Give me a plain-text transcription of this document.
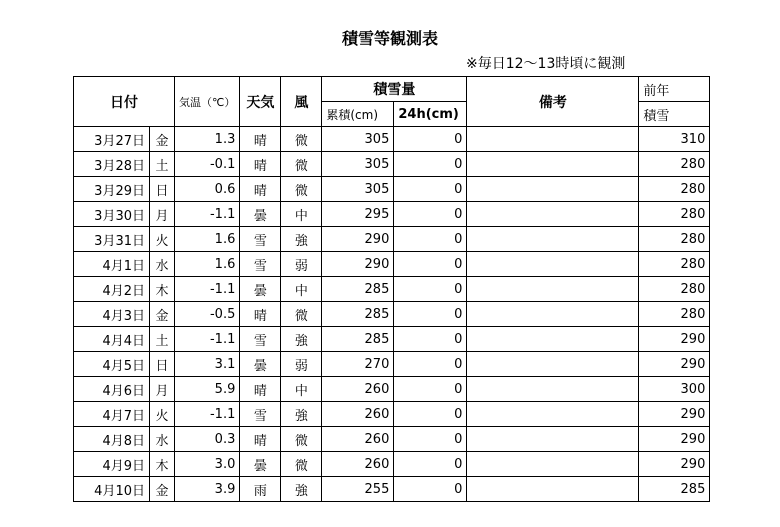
積雪等観測表
※毎日12～13時頃に観測
日付		気温（℃）	天気	風	積雪量		備考	前年
					累積(cm)	24h(cm)		積雪
3月27日	金	1.3	晴	微	305	0		310
3月28日	土	-0.1	晴	微	305	0		280
3月29日	日	0.6	晴	微	305	0		280
3月30日	月	-1.1	曇	中	295	0		280
3月31日	火	1.6	雪	強	290	0		280
4月1日	水	1.6	雪	弱	290	0		280
4月2日	木	-1.1	曇	中	285	0		280
4月3日	金	-0.5	晴	微	285	0		280
4月4日	土	-1.1	雪	強	285	0		290
4月5日	日	3.1	曇	弱	270	0		290
4月6日	月	5.9	晴	中	260	0		300
4月7日	火	-1.1	雪	強	260	0		290
4月8日	水	0.3	晴	微	260	0		290
4月9日	木	3.0	曇	微	260	0		290
4月10日	金	3.9	雨	強	255	0		285
